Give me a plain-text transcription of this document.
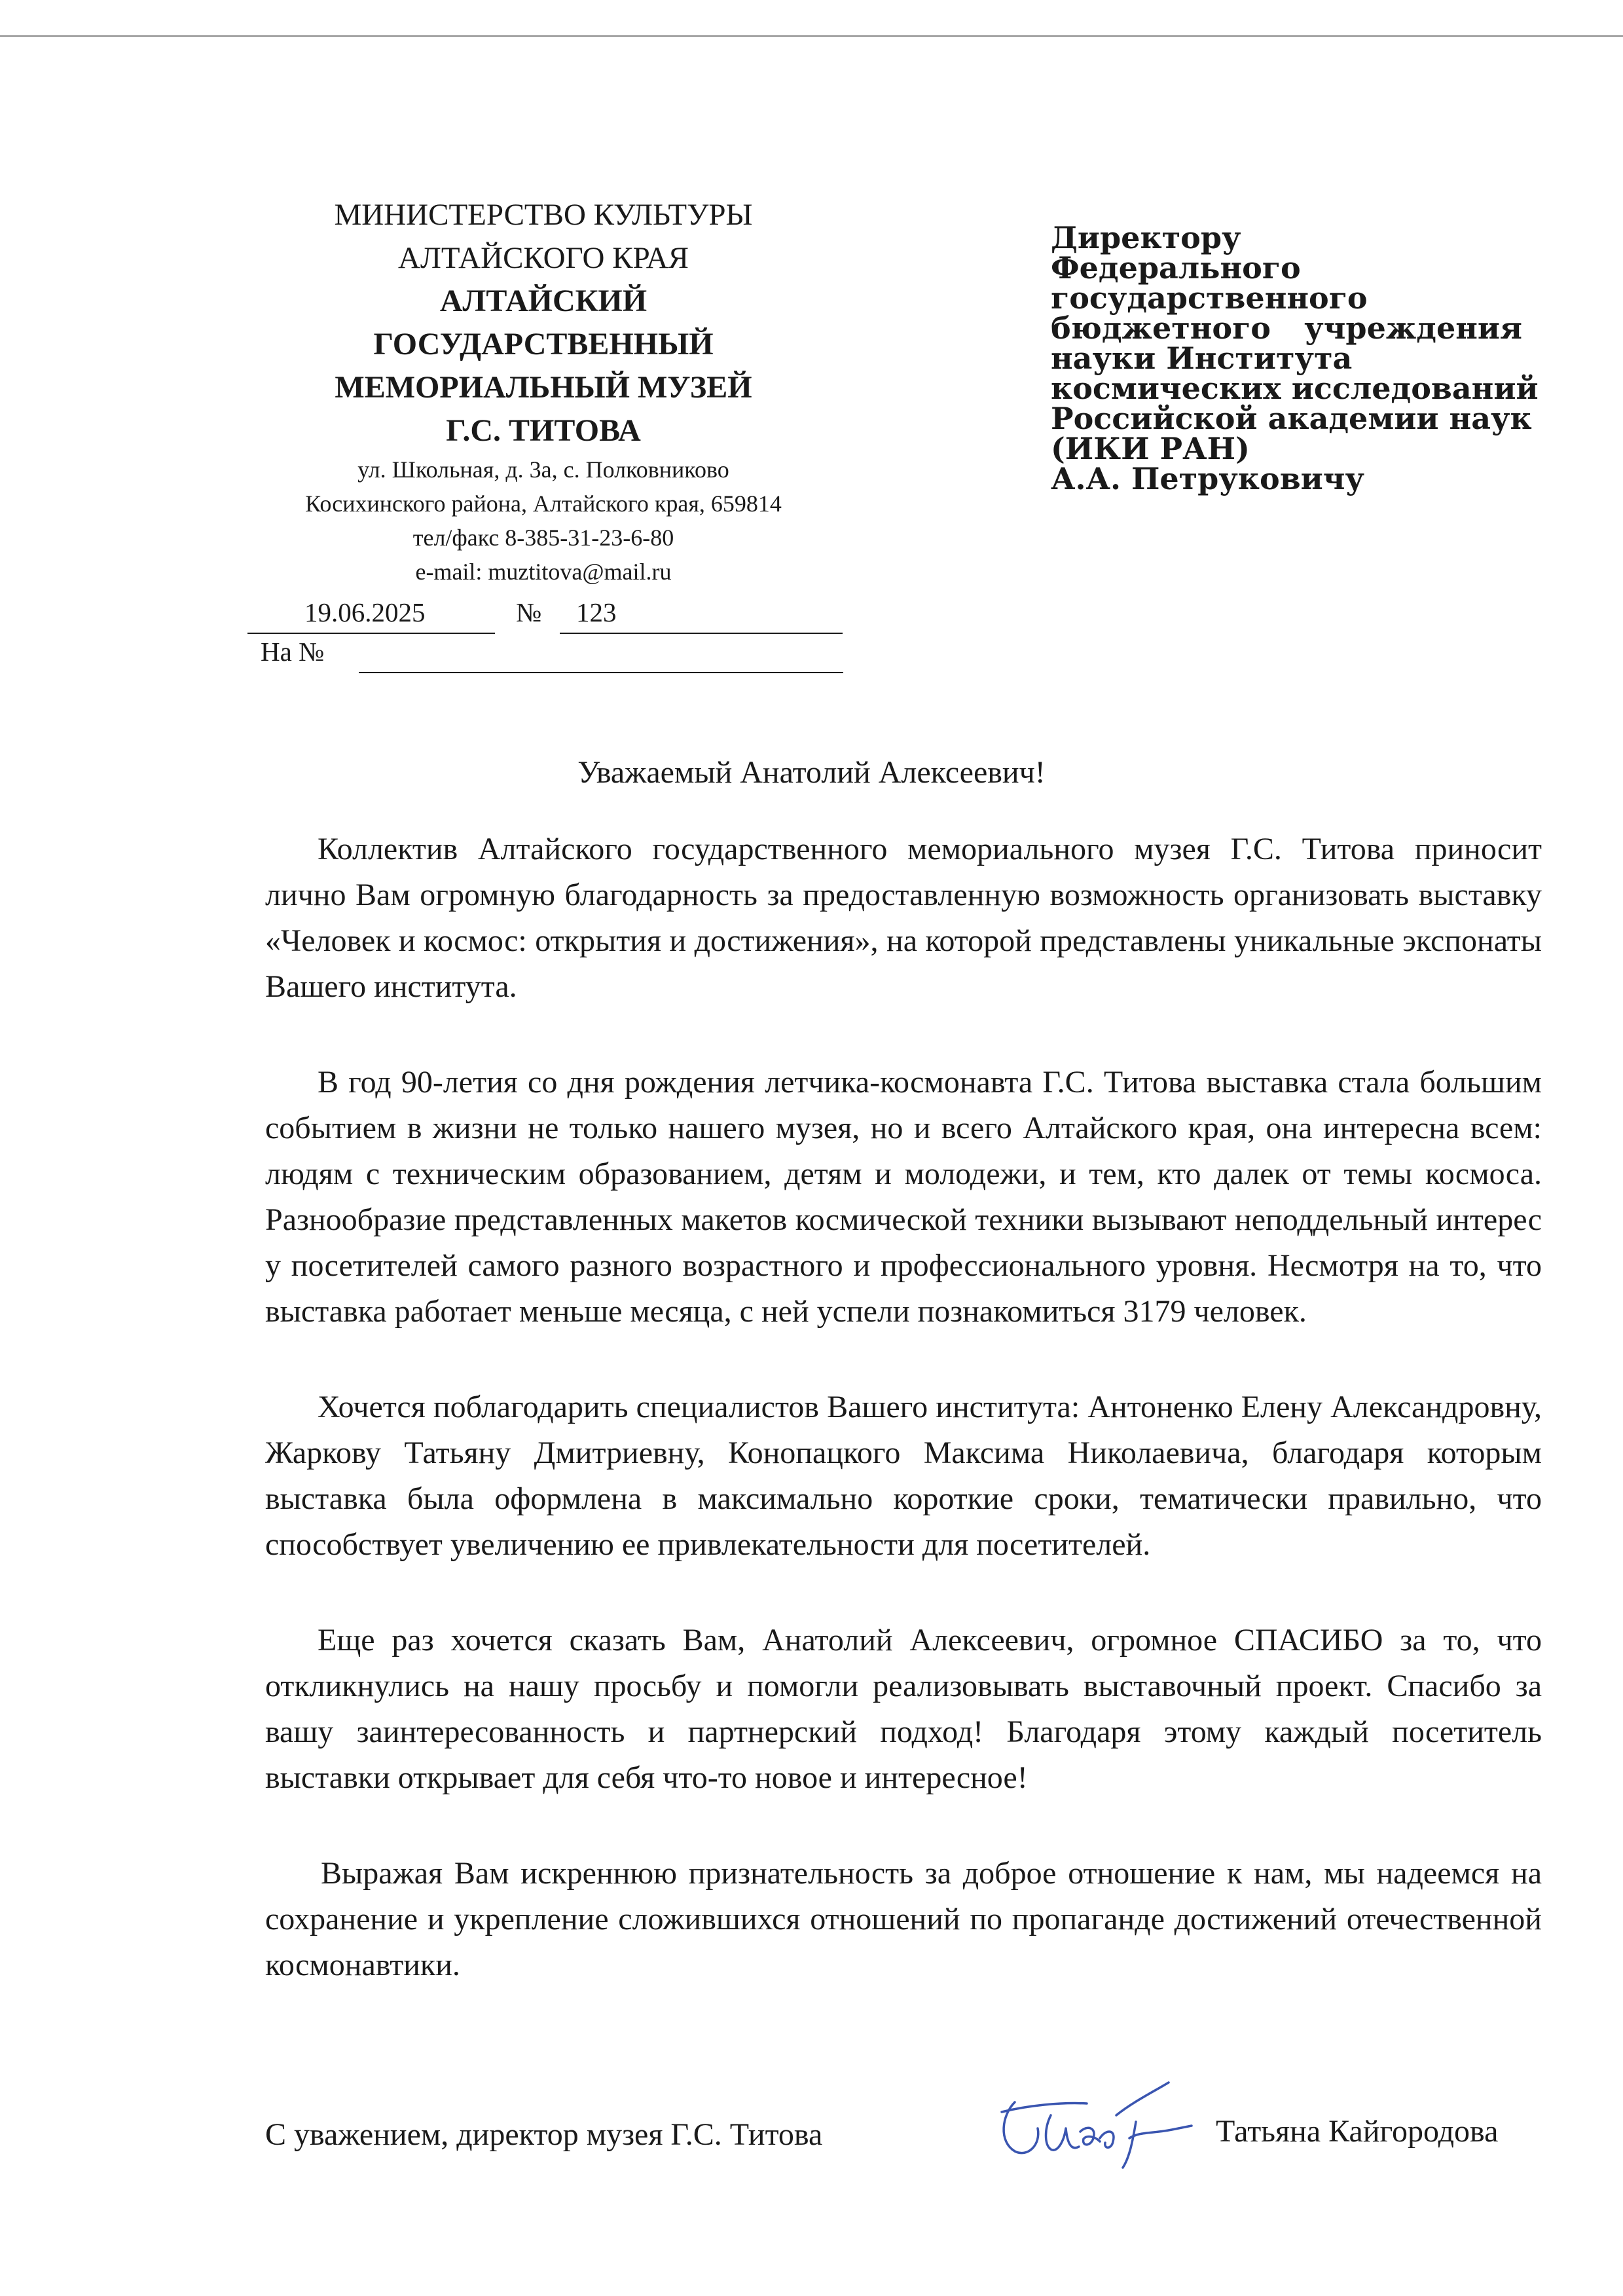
МИНИСТЕРСТВО КУЛЬТУРЫ
АЛТАЙСКОГО КРАЯ
АЛТАЙСКИЙ
ГОСУДАРСТВЕННЫЙ
МЕМОРИАЛЬНЫЙ МУЗЕЙ
Г.С. ТИТОВА
ул. Школьная, д. 3а, с. Полковниково
Косихинского района, Алтайского края, 659814
тел/факс 8-385-31-23-6-80
e-mail: muztitova@mail.ru
19.06.2025	№ 123
На №
Директору
Федерального
государственного
бюджетного учреждения
науки Института
космических исследований
Российской академии наук
(ИКИ РАН)
А.А. Петруковичу
Уважаемый Анатолий Алексеевич!

Коллектив Алтайского государственного мемориального музея Г.С. Титова приносит лично Вам огромную благодарность за предоставленную возможность организовать выставку «Человек и космос: открытия и достижения», на которой представлены уникальные экспонаты Вашего института.

В год 90-летия со дня рождения летчика-космонавта Г.С. Титова выставка стала большим событием в жизни не только нашего музея, но и всего Алтайского края, она интересна всем: людям с техническим образованием, детям и молодежи, и тем, кто далек от темы космоса. Разнообразие представленных макетов космической техники вызывают неподдельный интерес у посетителей самого разного возрастного и профессионального уровня. Несмотря на то, что выставка работает меньше месяца, с ней успели познакомиться 3179 человек.

Хочется поблагодарить специалистов Вашего института: Антоненко Елену Александровну, Жаркову Татьяну Дмитриевну, Конопацкого Максима Николаевича, благодаря которым выставка была оформлена в максимально короткие сроки, тематически правильно, что способствует увеличению ее привлекательности для посетителей.

Еще раз хочется сказать Вам, Анатолий Алексеевич, огромное СПАСИБО за то, что откликнулись на нашу просьбу и помогли реализовывать выставочный проект. Спасибо за вашу заинтересованность и партнерский подход! Благодаря этому каждый посетитель выставки открывает для себя что-то новое и интересное!

Выражая Вам искреннюю признательность за доброе отношение к нам, мы надеемся на сохранение и укрепление сложившихся отношений по пропаганде достижений отечественной космонавтики.

С уважением, директор музея Г.С. Титова	Татьяна Кайгородова
